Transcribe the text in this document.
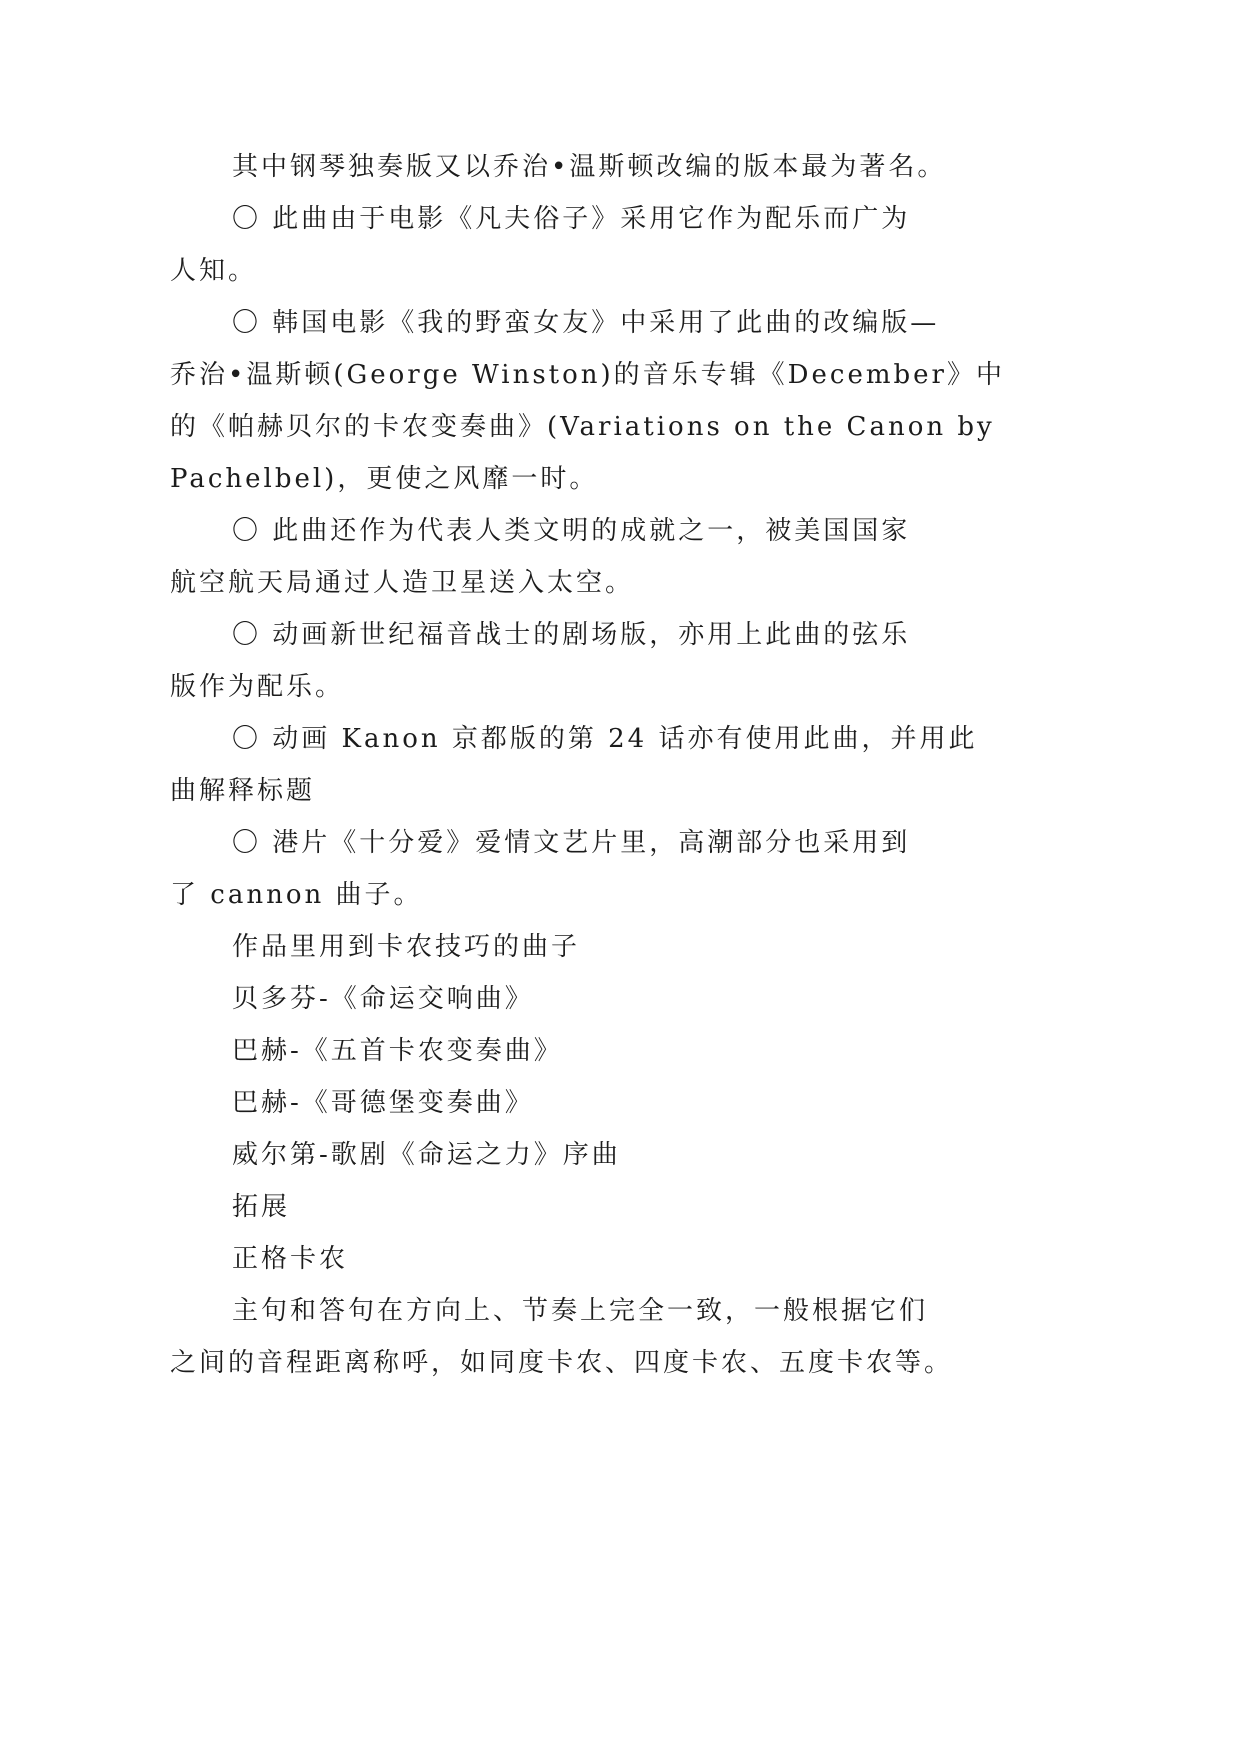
其中钢琴独奏版又以乔治•温斯顿改编的版本最为著名。
〇 此曲由于电影《凡夫俗子》采用它作为配乐而广为
人知。
〇 韩国电影《我的野蛮女友》中采用了此曲的改编版—
乔治•温斯顿(George Winston)的音乐专辑《December》中
的《帕赫贝尔的卡农变奏曲》(Variations on the Canon by
Pachelbel)，更使之风靡一时。
〇 此曲还作为代表人类文明的成就之一，被美国国家
航空航天局通过人造卫星送入太空。
〇 动画新世纪福音战士的剧场版，亦用上此曲的弦乐
版作为配乐。
〇 动画 Kanon 京都版的第 24 话亦有使用此曲，并用此
曲解释标题
〇 港片《十分爱》爱情文艺片里，高潮部分也采用到
了 cannon 曲子。
作品里用到卡农技巧的曲子
贝多芬-《命运交响曲》
巴赫-《五首卡农变奏曲》
巴赫-《哥德堡变奏曲》
威尔第-歌剧《命运之力》序曲
拓展
正格卡农
主句和答句在方向上、节奏上完全一致，一般根据它们
之间的音程距离称呼，如同度卡农、四度卡农、五度卡农等。
